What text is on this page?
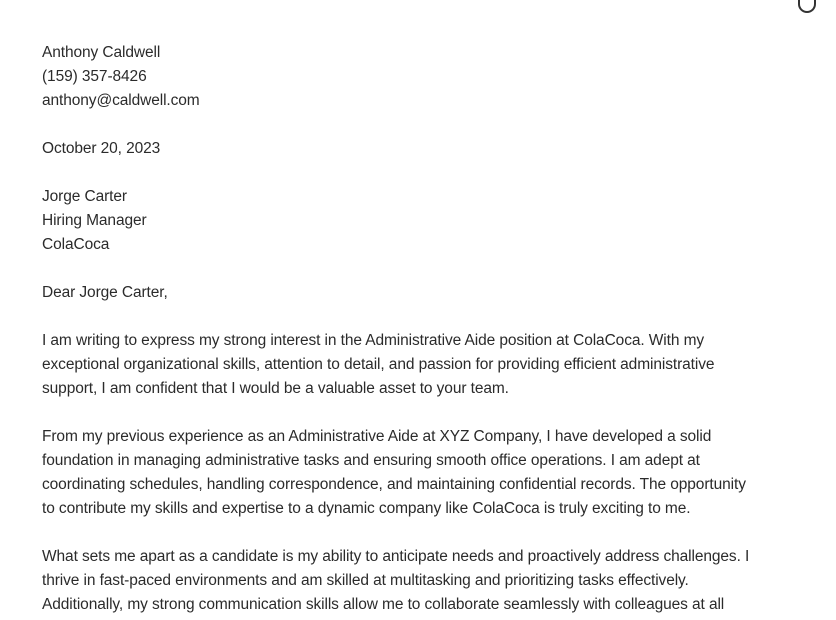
Anthony Caldwell

(159) 357-8426

anthony@caldwell.com

October 20, 2023

Jorge Carter

Hiring Manager

ColaCoca

Dear Jorge Carter,

I am writing to express my strong interest in the Administrative Aide position at ColaCoca. With my

exceptional organizational skills, attention to detail, and passion for providing efficient administrative

support, I am confident that I would be a valuable asset to your team.

From my previous experience as an Administrative Aide at XYZ Company, I have developed a solid

foundation in managing administrative tasks and ensuring smooth office operations. I am adept at

coordinating schedules, handling correspondence, and maintaining confidential records. The opportunity

to contribute my skills and expertise to a dynamic company like ColaCoca is truly exciting to me.

What sets me apart as a candidate is my ability to anticipate needs and proactively address challenges. I

thrive in fast-paced environments and am skilled at multitasking and prioritizing tasks effectively.

Additionally, my strong communication skills allow me to collaborate seamlessly with colleagues at all
